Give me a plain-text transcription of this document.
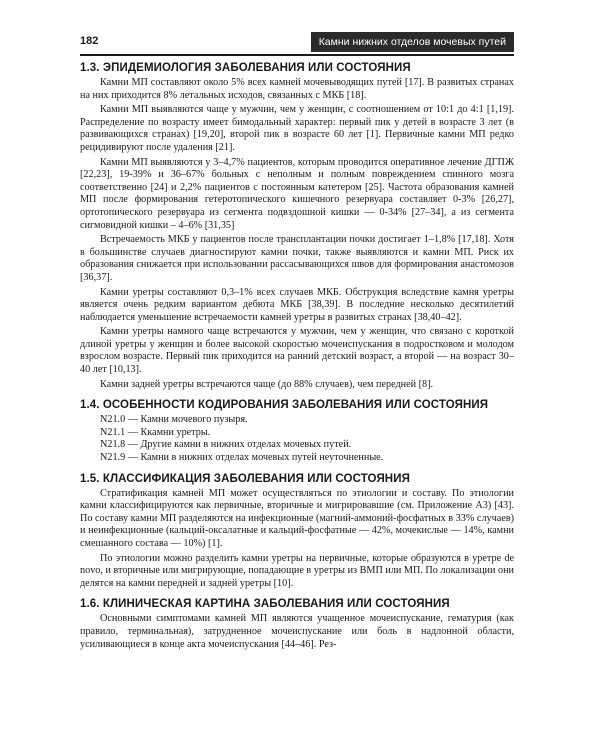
182	Камни нижних отделов мочевых путей
1.3. ЭПИДЕМИОЛОГИЯ ЗАБОЛЕВАНИЯ ИЛИ СОСТОЯНИЯ

Камни МП составляют около 5% всех камней мочевыводящих путей [17]. В развитых странах на них приходится 8% летальных исходов, связанных с МКБ [18].

Камни МП выявляются чаще у мужчин, чем у женщин, с соотношением от 10:1 до 4:1 [1,19]. Распределение по возрасту имеет бимодальный характер: первый пик у детей в возрасте 3 лет (в развивающихся странах) [19,20], второй пик в возрасте 60 лет [1]. Первичные камни МП редко рецидивируют после удаления [21].

Камни МП выявляются у 3–4,7% пациентов, которым проводится оперативное лечение ДГПЖ [22,23], 19-39% и 36–67% больных с неполным и полным повреждением спинного мозга соответственно [24] и 2,2% пациентов с постоянным катетером [25]. Частота образования камней МП после формирования гетеротопического кишечного резервуара составляет 0-3% [26,27], ортотопического резервуара из сегмента подвздошной кишки — 0-34% [27–34], а из сегмента сигмовидной кишки – 4–6% [31,35]

Встречаемость МКБ у пациентов после трансплантации почки достигает 1–1,8% [17,18]. Хотя в большинстве случаев диагностируют камни почки, также выявляются и камни МП. Риск их образования снижается при использовании рассасывающихся швов для формирования анастомозов [36,37].

Камни уретры составляют 0,3–1% всех случаев МКБ. Обструкция вследствие камня уретры является очень редким вариантом дебюта МКБ [38,39]. В последние несколько десятилетий наблюдается уменьшение встречаемости камней уретры в развитых странах [38,40–42].

Камни уретры намного чаще встречаются у мужчин, чем у женщин, что связано с короткой длиной уретры у женщин и более высокой скоростью мочеиспускания в подростковом и молодом взрослом возрасте. Первый пик приходится на ранний детский возраст, а второй — на возраст 30–40 лет [10,13].

Камни задней уретры встречаются чаще (до 88% случаев), чем передней [8].

1.4. ОСОБЕННОСТИ КОДИРОВАНИЯ ЗАБОЛЕВАНИЯ ИЛИ СОСТОЯНИЯ
N21.0 — Камни мочевого пузыря.
N21.1 — Ккамни уретры.
N21.8 — Другие камни в нижних отделах мочевых путей.
N21.9 — Камни в нижних отделах мочевых путей неуточненные.
1.5. КЛАССИФИКАЦИЯ ЗАБОЛЕВАНИЯ ИЛИ СОСТОЯНИЯ

Стратификация камней МП может осуществляться по этиологии и составу. По этиологии камни классифицируются как первичные, вторичные и мигрировавшие (см. Приложение А3) [43]. По составу камни МП разделяются на инфекционные (магний-аммоний-фосфатных в 33% случаев) и неинфекционные (кальций-оксалатные и кальций-фосфатные — 42%, мочекислые — 14%, камни смешанного состава — 10%) [1].

По этиологии можно разделить камни уретры на первичные, которые образуются в уретре de novo, и вторичные или мигрирующие, попадающие в уретры из ВМП или МП. По локализации они делятся на камни передней и задней уретры [10].

1.6. КЛИНИЧЕСКАЯ КАРТИНА ЗАБОЛЕВАНИЯ ИЛИ СОСТОЯНИЯ

Основными симптомами камней МП являются учащенное мочеиспускание, гематурия (как правило, терминальная), затрудненное мочеиспускание или боль в надлонной области, усиливающиеся в конце акта мочеиспускания [44–46]. Рез-
